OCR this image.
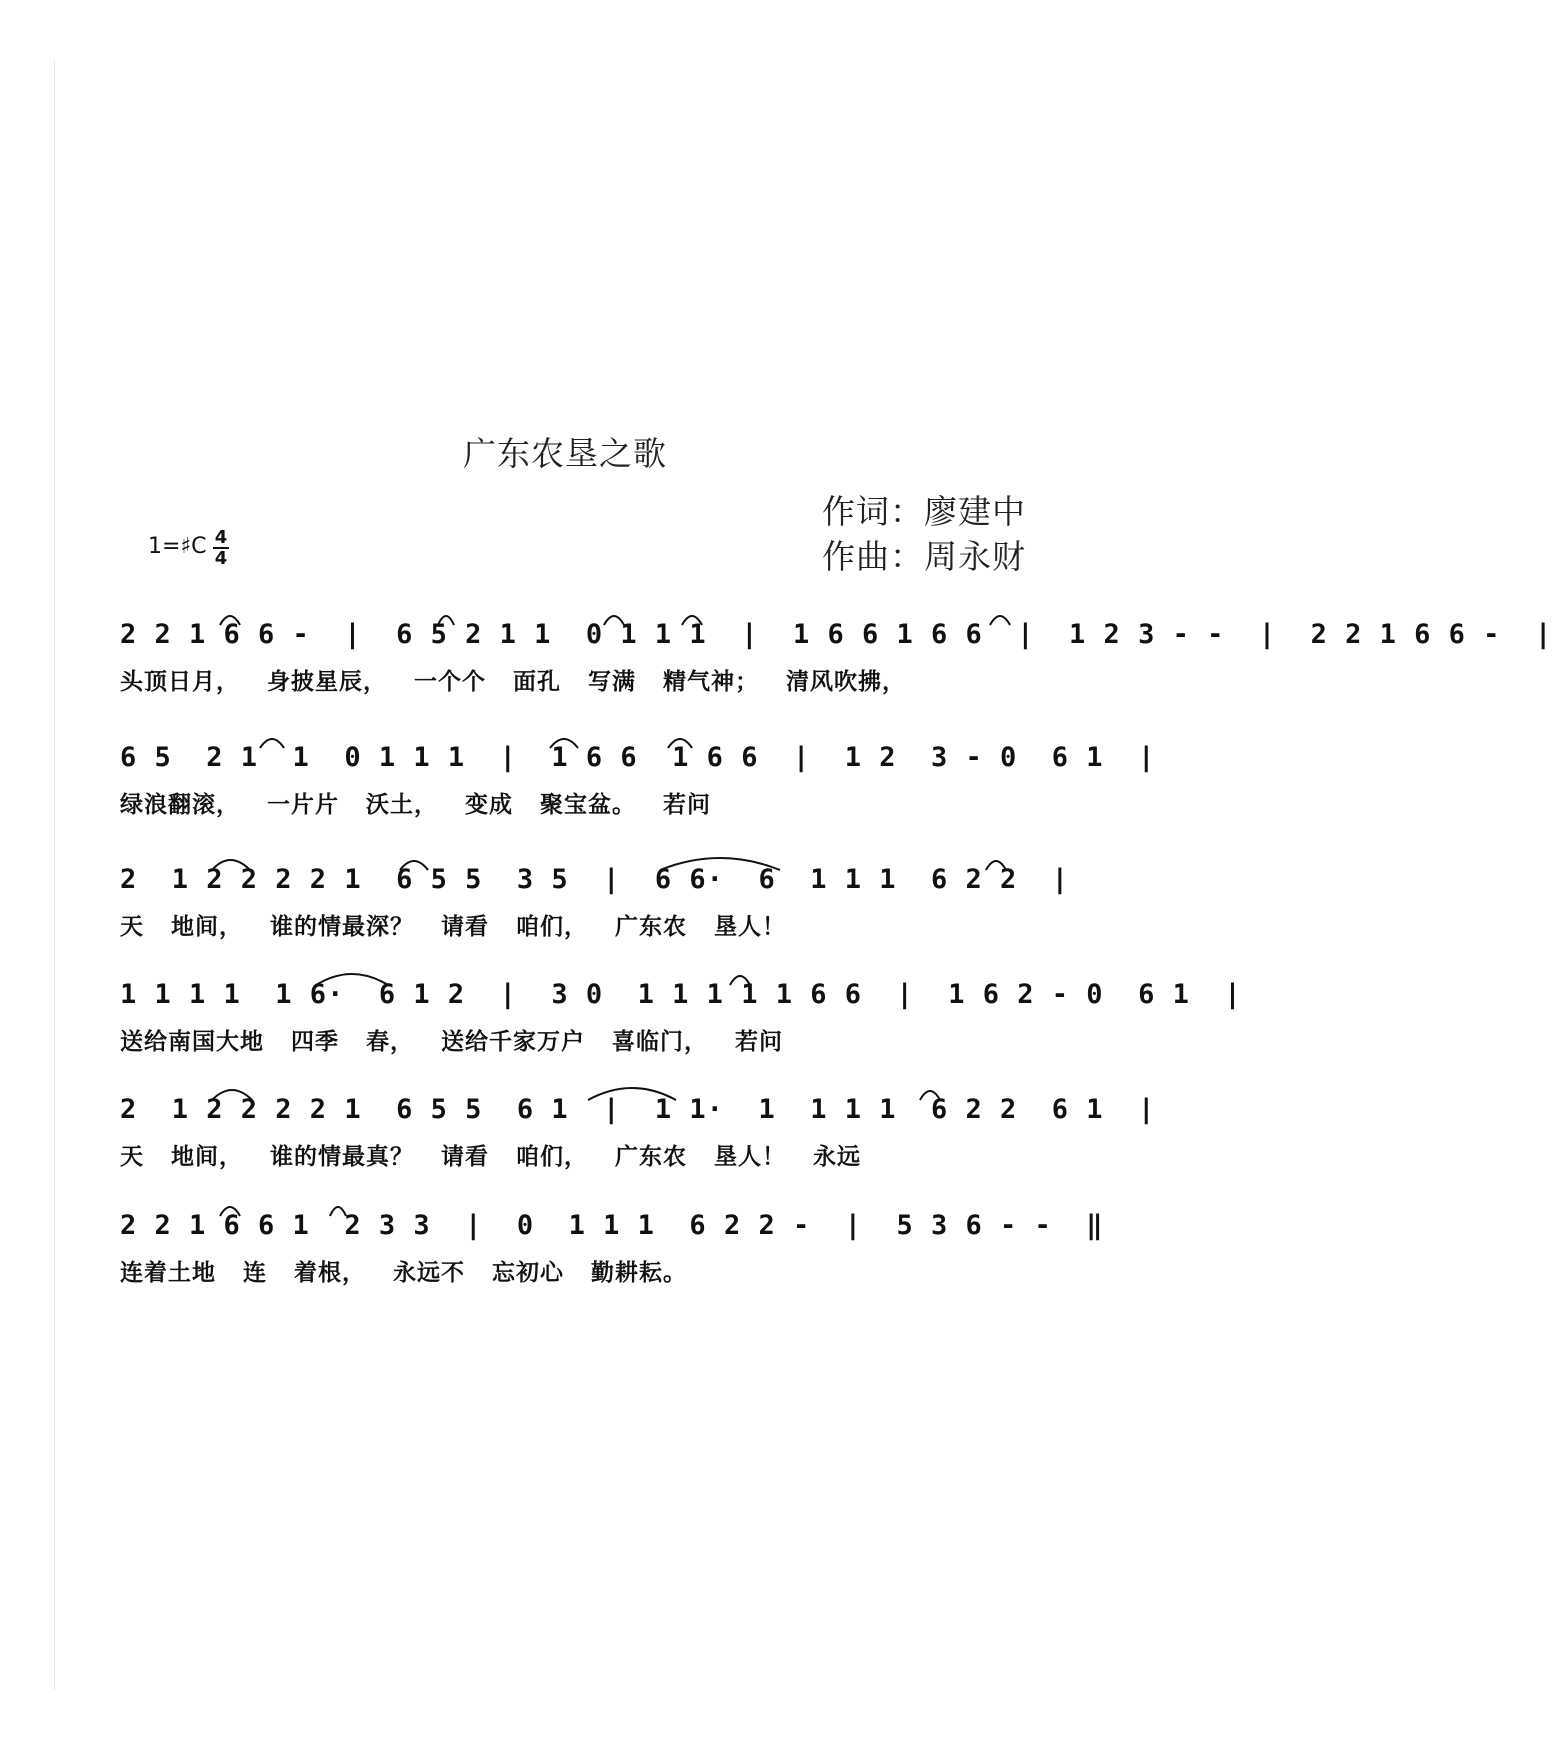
广东农垦之歌
作词：廖建中
作曲：周永财
1=♯C 4
4
2 2 1 6 6 -  |  6 5 2 1 1  0 1 1 1  |  1 6 6 1 6 6  |  1 2 3 - -  |  2 2 1 6 6 -  |
头顶日月， 身披星辰， 一个个 面孔 写满 精气神； 清风吹拂，
6 5  2 1  1  0 1 1 1  |  1 6 6  1 6 6  |  1 2  3 - 0  6 1  |
绿浪翻滚， 一片片 沃土， 变成 聚宝盆。 若问
2  1 2 2 2 2 1  6 5 5  3 5  |  6 6·  6  1 1 1  6 2 2  |
天 地间， 谁的情最深？ 请看 咱们， 广东农 垦人！
1 1 1 1  1 6·  6 1 2  |  3 0  1 1 1 1 1 6 6  |  1 6 2 - 0  6 1  |
送给南国大地 四季 春， 送给千家万户 喜临门， 若问
2  1 2 2 2 2 1  6 5 5  6 1  |  1 1·  1  1 1 1  6 2 2  6 1  |
天 地间， 谁的情最真？ 请看 咱们， 广东农 垦人！ 永远
2 2 1 6 6 1  2 3 3  |  0  1 1 1  6 2 2 -  |  5 3 6 - -  ‖
连着土地 连 着根， 永远不 忘初心 勤耕耘。
